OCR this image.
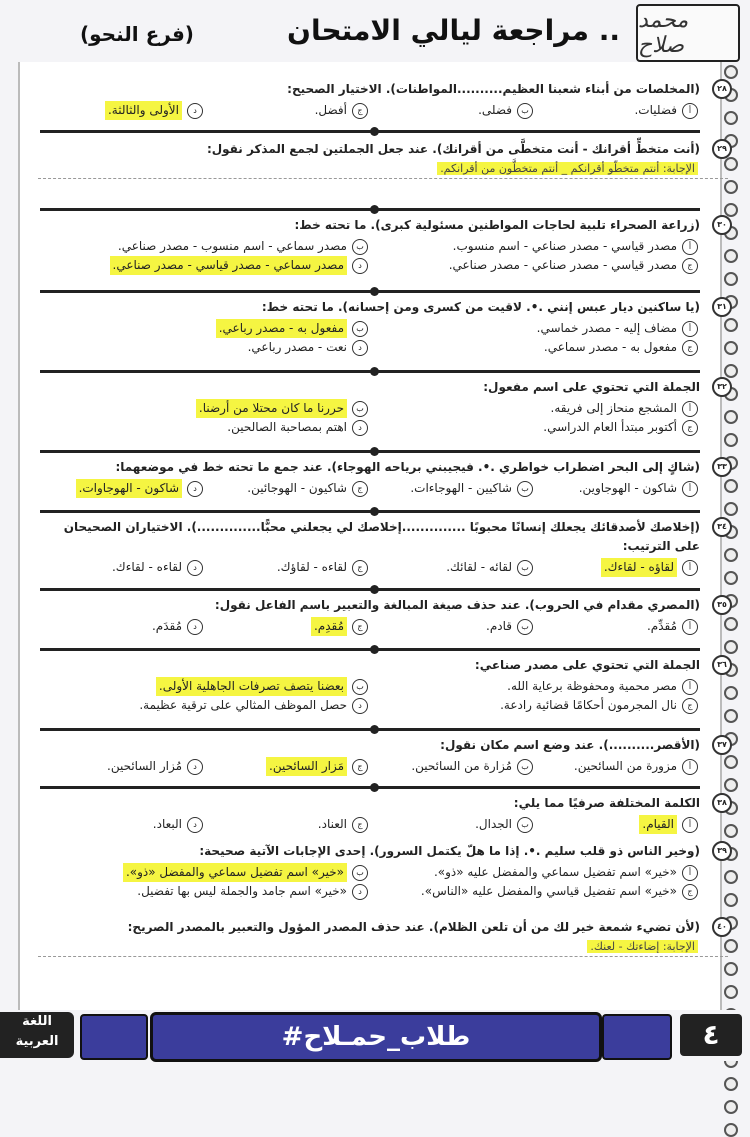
محمد صلاح
مراجعة ليالي الامتحان ..
(فرع النحو)
٢٨
(المخلصات من أبناء شعبنا العظيم..........المواطنات). الاختيار الصحيح:
أ
فضليات.
ب
فضلى.
ج
أفضل.
د
الأولى والثالثة.
٢٩
(أنت متخطٍّ أقرانك - أنت متخطَّى من أقرانك). عند جعل الجملتين لجمع المذكر نقول:
الإجابة: أنتم متخطّو أقرانكم _ أنتم متخطَّون من أقرانكم.
٣٠
(زراعة الصحراء تلبية لحاجات المواطنين مسئولية كبرى). ما تحته خط:
أ
مصدر قياسي - مصدر صناعي - اسم منسوب.
ب
مصدر سماعي - اسم منسوب - مصدر صناعي.
ج
مصدر قياسي - مصدر صناعي - مصدر صناعي.
د
مصدر سماعي - مصدر قياسي - مصدر صناعي.
٣١
(يا ساكنين ديار عبس إنني .•. لاقيت من كسرى ومن إحسانه). ما تحته خط:
أ
مضاف إليه - مصدر خماسي.
ب
مفعول به - مصدر رباعي.
ج
مفعول به - مصدر سماعي.
د
نعت - مصدر رباعي.
٣٢
الجملة التي تحتوي على اسم مفعول:
أ
المشجع منحاز إلى فريقه.
ب
حررنا ما كان محتلا من أرضنا.
ج
أكتوبر مبتدأ العام الدراسي.
د
اهتم بمصاحبة الصالحين.
٣٣
(شاكٍ إلى البحر اضطراب خواطري .•. فيجيبني برياحه الهوجاء). عند جمع ما تحته خط في موضعهما:
أ
شاكون - الهوجاوين.
ب
شاكيين - الهوجاءات.
ج
شاكيون - الهوجائين.
د
شاكون - الهوجاوات.
٣٤
(إخلاصك لأصدقائك يجعلك إنسانًا محبوبًا ..............إخلاصك لي يجعلني محبًّا..............). الاختياران الصحيحان على الترتيب:
أ
لقاؤه - لقاءك.
ب
لقائه - لقائك.
ج
لقاءه - لقاؤك.
د
لقاءه - لقاءك.
٣٥
(المصري مقدام في الحروب). عند حذف صيغة المبالغة والتعبير باسم الفاعل نقول:
أ
مُقدِّم.
ب
قادم.
ج
مُقدِم.
د
مُقدَم.
٣٦
الجملة التي تحتوي على مصدر صناعي:
أ
مصر محمية ومحفوظة برعاية الله.
ب
بعضنا يتصف تصرفات الجاهلية الأولى.
ج
نال المجرمون أحكامًا قضائية رادعة.
د
حصل الموظف المثالي على ترقية عظيمة.
٣٧
(الأقصر..........). عند وضع اسم مكان نقول:
أ
مزورة من السائحين.
ب
مُزارة من السائحين.
ج
مَزار السائحين.
د
مُزار السائحين.
٣٨
الكلمة المختلفة صرفيًا مما يلي:
أ
القيام.
ب
الجدال.
ج
العناد.
د
البعاد.
٣٩
(وخير الناس ذو قلب سليم .•. إذا ما هلّ يكتمل السرور). إحدى الإجابات الآتية صحيحة:
أ
«خير» اسم تفضيل سماعي والمفضل عليه «ذو».
ب
«خير» اسم تفضيل سماعي والمفضل «ذو».
ج
«خير» اسم تفضيل قياسي والمفضل عليه «الناس».
د
«خير» اسم جامد والجملة ليس بها تفضيل.
٤٠
(لأن تضيء شمعة خير لك من أن تلعن الظلام). عند حذف المصدر المؤول والتعبير بالمصدر الصريح:
الإجابة: إضاءتك - لعنك.
اللغة
العربية	#طلاب_حمـلاح	٤
